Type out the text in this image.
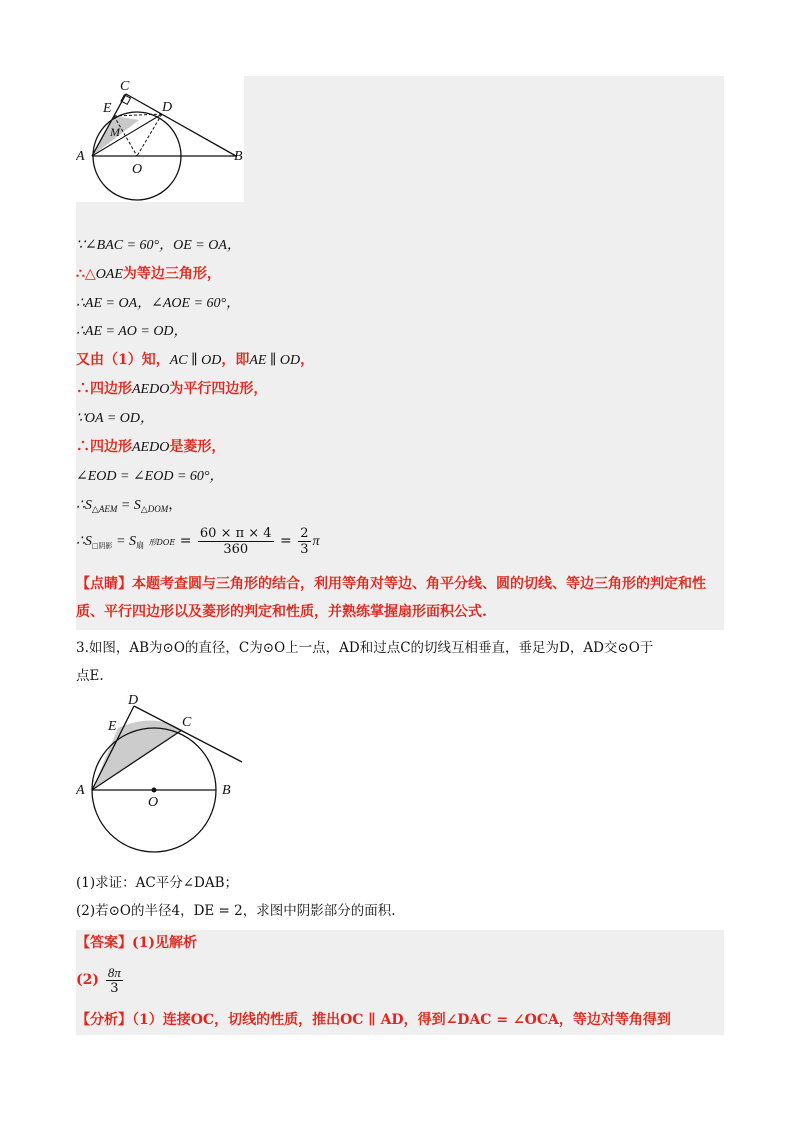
C
E	D
M
A
O
B
∵∠BAC = 60°，OE = OA，
∴△OAE为等边三角形，
∴AE = OA，∠AOE = 60°，
∴AE = AO = OD，
又由（1）知，AC ∥ OD，即AE ∥ OD，
∴四边形AEDO为平行四边形，
∵OA = OD，
∴四边形AEDO是菱形，
∠EOD = ∠EOD = 60°，
$\therefore S_{\triangle AEM} = S_{\triangle DOM}$，
$\therefore S_{□阴影} = S_扇$ 形DOE = $\frac{60 \times \pi \times 4}{360} = \frac{2}{3}$ π
【点睛】本题考查圆与三角形的结合，利用等角对等边、角平分线、圆的切线、等边三角形的判定和性
质、平行四边形以及菱形的判定和性质，并熟练掌握扇形面积公式.
3.如图，AB为⊙O的直径，C为⊙O上一点，AD和过点C的切线互相垂直，垂足为D，AD交⊙O于
点E.
D
E	C
A
O
B
(1)求证：AC平分∠DAB；
(2)若⊙O的半径4，DE = 2，求图中阴影部分的面积.
【答案】(1)见解析
$(2) \frac{8\pi}{3}$
【分析】（1）连接OC，切线的性质，推出OC ∥ AD，得到∠DAC = ∠OCA，等边对等角得到
